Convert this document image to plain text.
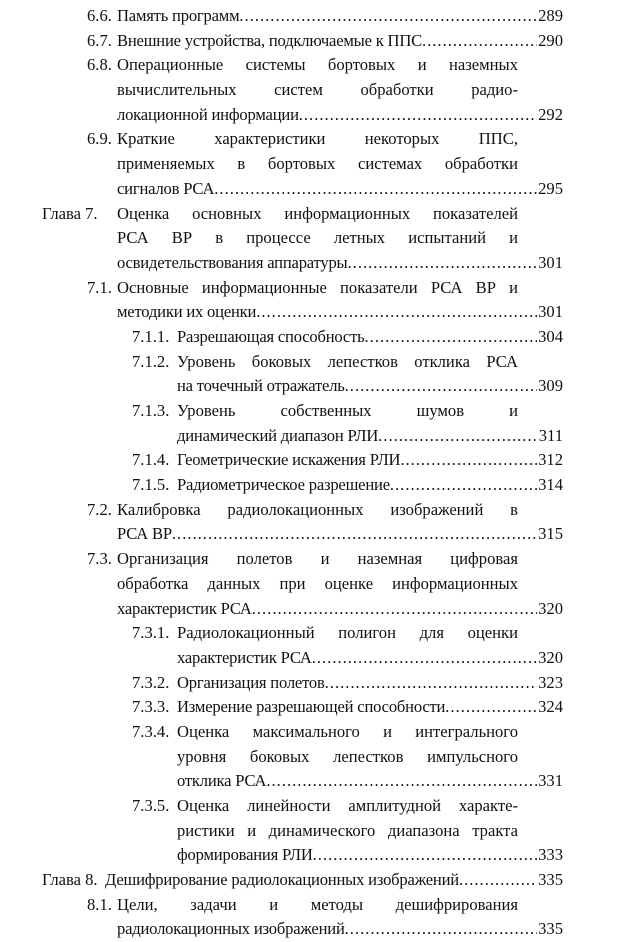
6.6. Память программ .....	289
6.7. Внешние устройства, подключаемые к ППС .....	290
6.8. Операционные системы бортовых и наземных
вычислительных систем обработки радио-
локационной информации .....	292
6.9. Краткие характеристики некоторых ППС,
применяемых в бортовых системах обработки
сигналов РСА .....	295
Глава 7. Оценка основных информационных показателей
РСА ВР в процессе летных испытаний и
освидетельствования аппаратуры .....	301
7.1. Основные информационные показатели РСА ВР и
методики их оценки .....	301
7.1.1. Разрешающая способность .....	304
7.1.2. Уровень боковых лепестков отклика РСА
на точечный отражатель .....	309
7.1.3. Уровень собственных шумов и
динамический диапазон РЛИ .....	311
7.1.4. Геометрические искажения РЛИ .....	312
7.1.5. Радиометрическое разрешение .....	314
7.2. Калибровка радиолокационных изображений в
РСА ВР .....	315
7.3. Организация полетов и наземная цифровая
обработка данных при оценке информационных
характеристик РСА .....	320
7.3.1. Радиолокационный полигон для оценки
характеристик РСА .....	320
7.3.2. Организация полетов .....	323
7.3.3. Измерение разрешающей способности .....	324
7.3.4. Оценка максимального и интегрального
уровня боковых лепестков импульсного
отклика РСА .....	331
7.3.5. Оценка линейности амплитудной характе-
ристики и динамического диапазона тракта
формирования РЛИ .....	333
Глава 8. Дешифрирование радиолокационных изображений .....	335
8.1. Цели, задачи и методы дешифрирования
радиолокационных изображений .....	335
